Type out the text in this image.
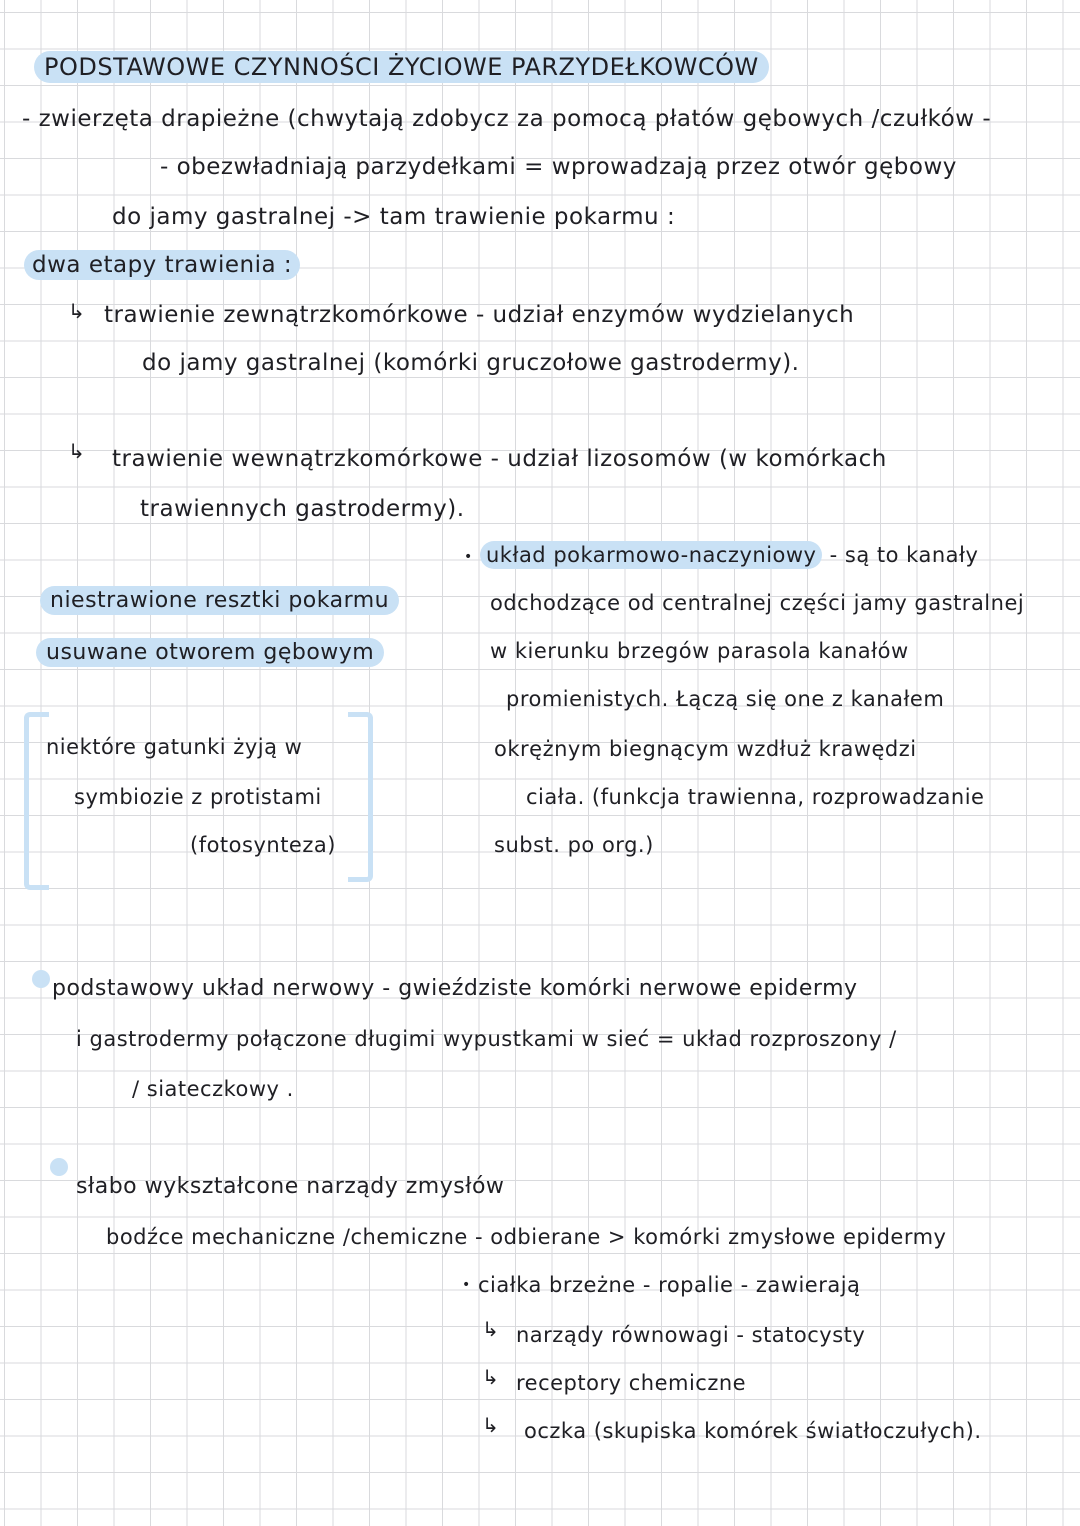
PODSTAWOWE CZYNNOŚCI ŻYCIOWE PARZYDEŁKOWCÓW
- zwierzęta drapieżne (chwytają zdobycz za pomocą płatów gębowych /czułków -
- obezwładniają parzydełkami = wprowadzają przez otwór gębowy
do jamy gastralnej -> tam trawienie pokarmu :
dwa etapy trawienia :
↳ trawienie zewnątrzkomórkowe - udział enzymów wydzielanych
do jamy gastralnej (komórki gruczołowe gastrodermy).
↳ trawienie wewnątrzkomórkowe - udział lizosomów (w komórkach
trawiennych gastrodermy).
niestrawione resztki pokarmu
usuwane otworem gębowym
niektóre gatunki żyją w
symbiozie z protistami
(fotosynteza)
• układ pokarmowo-naczyniowy - są to kanały
odchodzące od centralnej części jamy gastralnej
w kierunku brzegów parasola kanałów
promienistych. Łączą się one z kanałem
okrężnym biegnącym wzdłuż krawędzi
ciała. (funkcja trawienna, rozprowadzanie
subst. po org.)
podstawowy układ nerwowy - gwieździste komórki nerwowe epidermy
i gastrodermy połączone długimi wypustkami w sieć = układ rozproszony /
/ siateczkowy .
słabo wykształcone narządy zmysłów
bodźce mechaniczne /chemiczne - odbierane > komórki zmysłowe epidermy
• ciałka brzeżne - ropalie - zawierają
↳ narządy równowagi - statocysty
↳ receptory chemiczne
↳ oczka (skupiska komórek światłoczułych).
